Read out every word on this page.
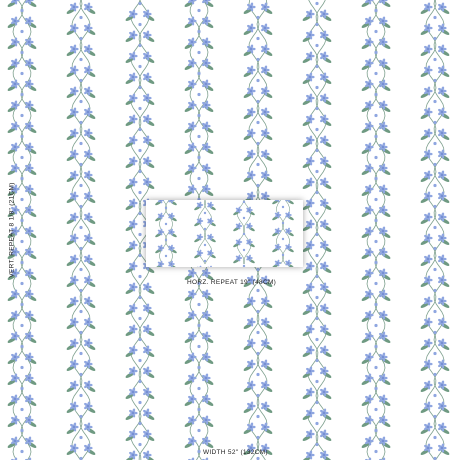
VERT. REPEAT 8 1/8" (21CM)
HORZ. REPEAT 19" (48CM)
WIDTH 52" (132CM)
